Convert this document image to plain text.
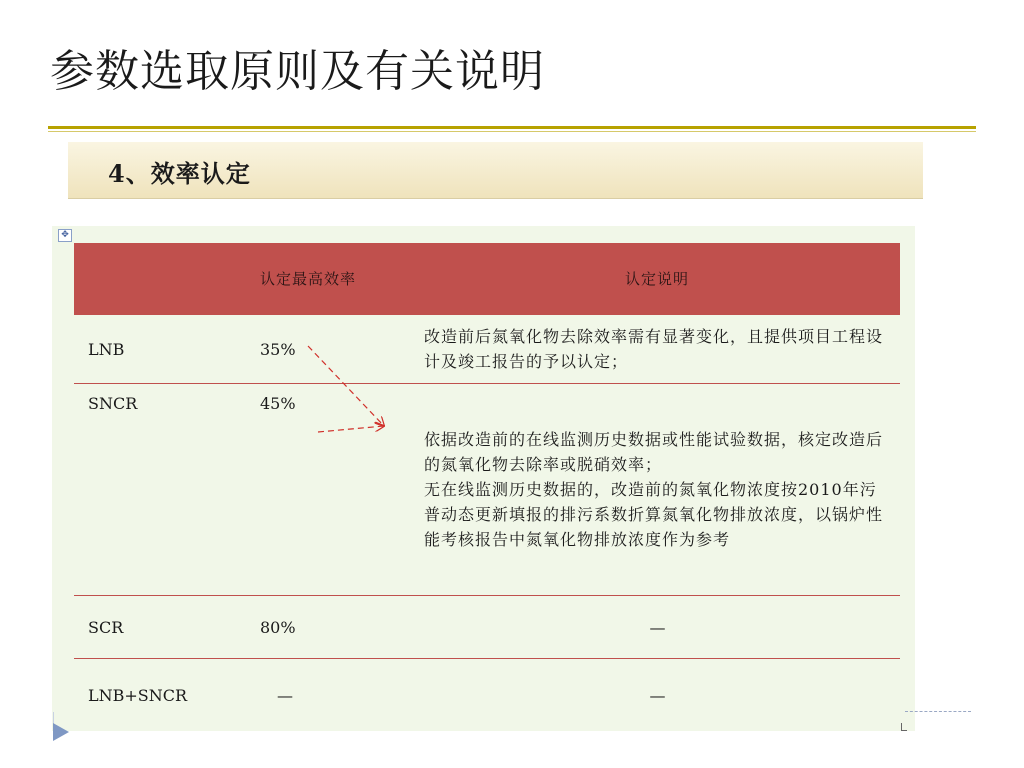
参数选取原则及有关说明
4、效率认定
✥
	认定最高效率	认定说明
LNB	35%	改造前后氮氧化物去除效率需有显著变化，且提供项目工程设计及竣工报告的予以认定；

SNCR	45%	依据改造前的在线监测历史数据或性能试验数据，核定改造后的氮氧化物去除率或脱硝效率；

无在线监测历史数据的，改造前的氮氧化物浓度按2010年污普动态更新填报的排污系数折算氮氧化物排放浓度，以锅炉性能考核报告中氮氧化物排放浓度作为参考

SCR	80%	—
LNB+SNCR	—	—
